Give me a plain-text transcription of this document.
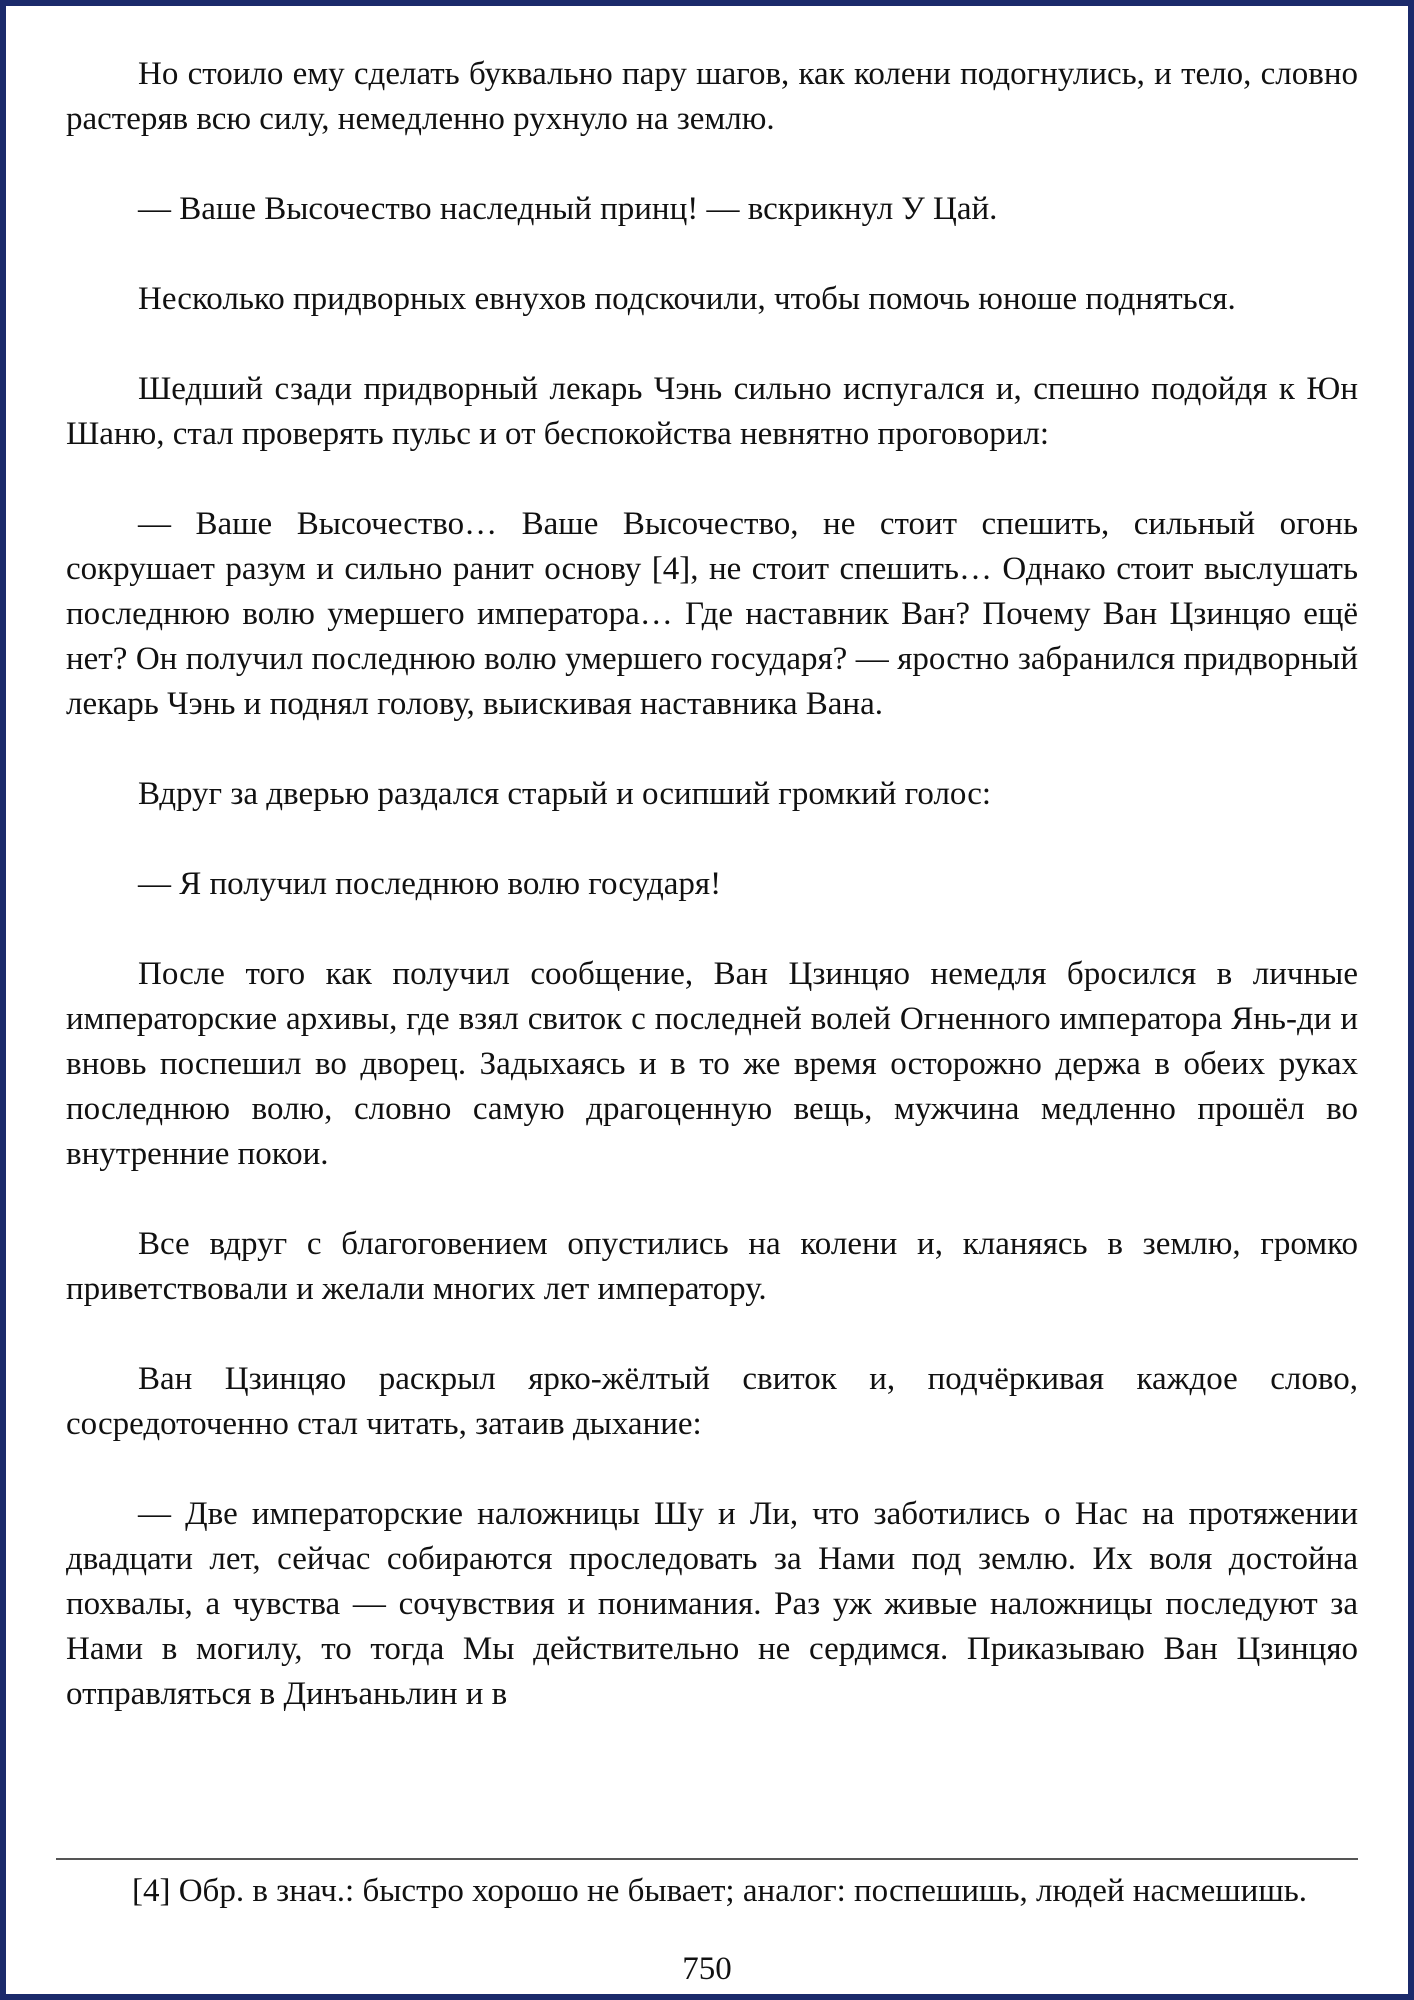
Но стоило ему сделать буквально пару шагов, как колени подогнулись, и тело, словно растеряв всю силу, немедленно рухнуло на землю.

— Ваше Высочество наследный принц! — вскрикнул У Цай.

Несколько придворных евнухов подскочили, чтобы помочь юноше подняться.

Шедший сзади придворный лекарь Чэнь сильно испугался и, спешно подойдя к Юн Шаню, стал проверять пульс и от беспокойства невнятно проговорил:

— Ваше Высочество… Ваше Высочество, не стоит спешить, сильный огонь сокрушает разум и сильно ранит основу [4], не стоит спешить… Однако стоит выслушать последнюю волю умершего императора… Где наставник Ван? Почему Ван Цзинцяо ещё нет? Он получил последнюю волю умершего государя? — яростно забранился придворный лекарь Чэнь и поднял голову, выискивая наставника Вана.

Вдруг за дверью раздался старый и осипший громкий голос:

— Я получил последнюю волю государя!

После того как получил сообщение, Ван Цзинцяо немедля бросился в личные императорские архивы, где взял свиток с последней волей Огненного императора Янь-ди и вновь поспешил во дворец. Задыхаясь и в то же время осторожно держа в обеих руках последнюю волю, словно самую драгоценную вещь, мужчина медленно прошёл во внутренние покои.

Все вдруг с благоговением опустились на колени и, кланяясь в землю, громко приветствовали и желали многих лет императору.

Ван Цзинцяо раскрыл ярко-жёлтый свиток и, подчёркивая каждое слово, сосредоточенно стал читать, затаив дыхание:

— Две императорские наложницы Шу и Ли, что заботились о Нас на протяжении двадцати лет, сейчас собираются проследовать за Нами под землю. Их воля достойна похвалы, а чувства — сочувствия и понимания. Раз уж живые наложницы последуют за Нами в могилу, то тогда Мы действительно не сердимся. Приказываю Ван Цзинцяо отправляться в Динъаньлин и в

[4] Обр. в знач.: быстро хорошо не бывает; аналог: поспешишь, людей насмешишь.

750
